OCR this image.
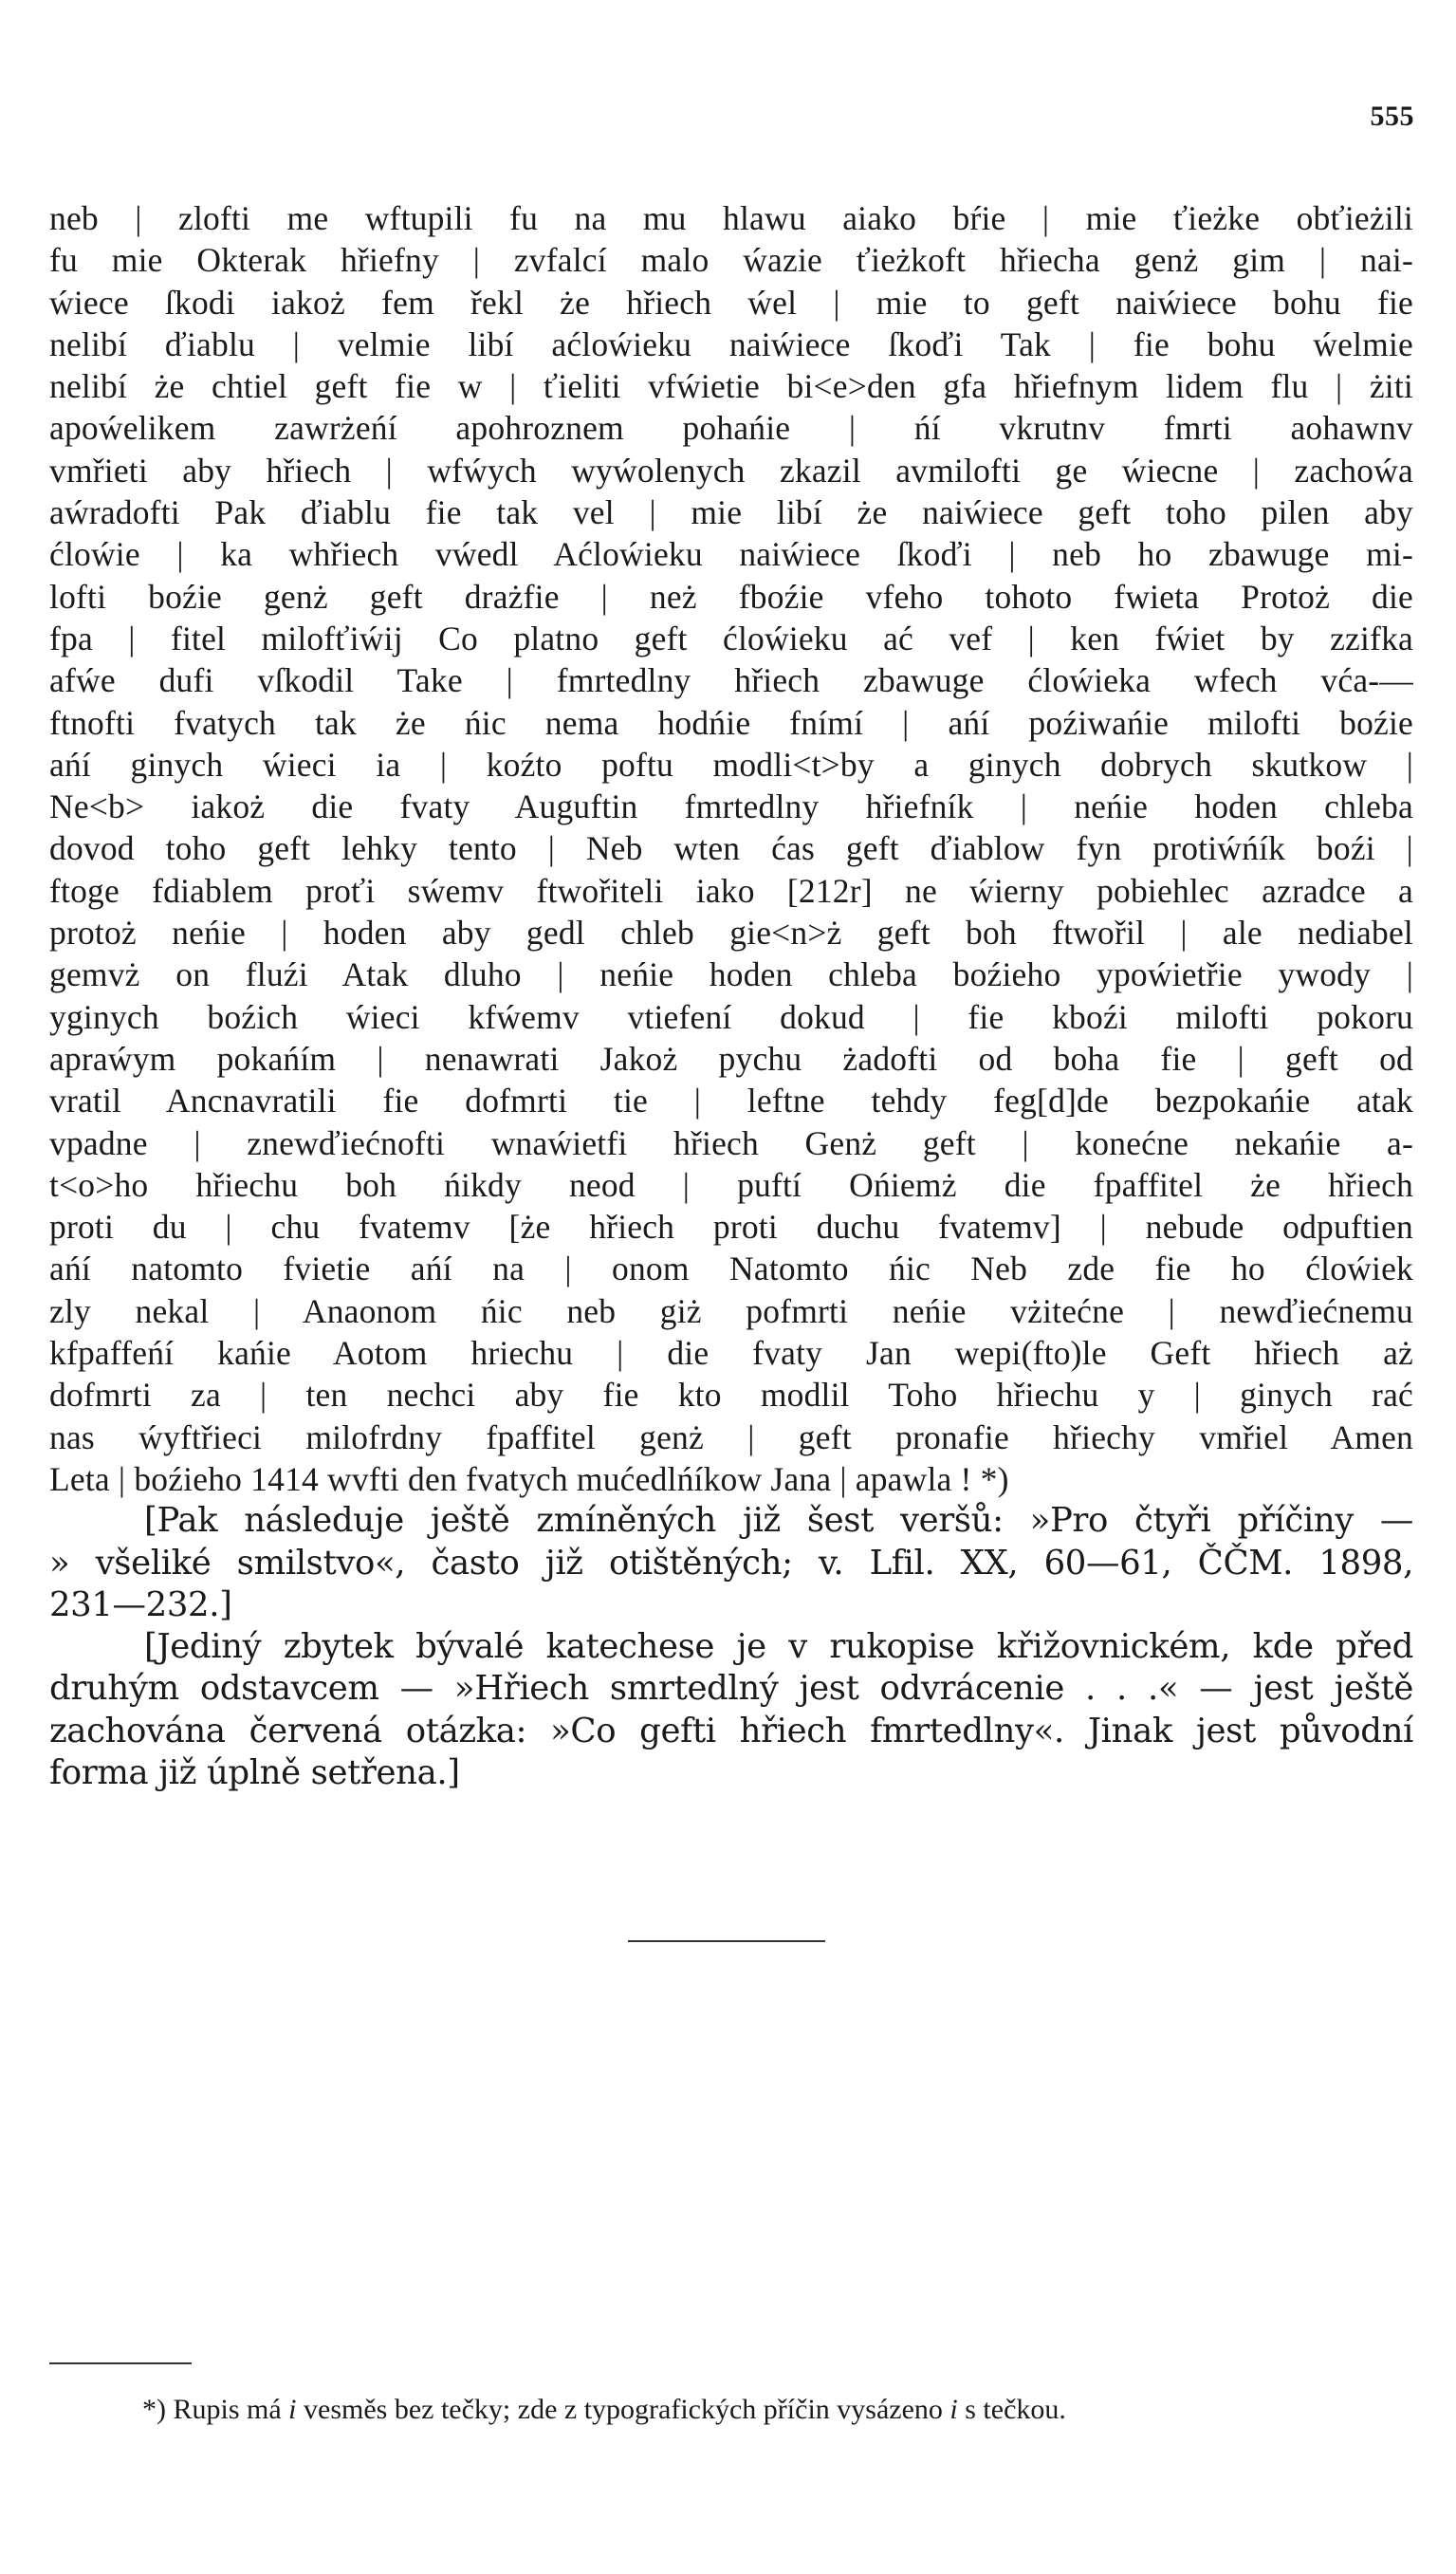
555
neb | zlofti me wftupili fu na mu hlawu aiako bŕie | mie ťieżke obťieżili
fu mie Okterak hřiefny | zvfalcí malo ẃazie ťieżkoft hřiecha genż gim | nai-
ẃiece ſkodi iakoż fem řekl że hřiech ẃel | mie to geft naiẃiece bohu fie
nelibí ďiablu | velmie libí aćloẃieku naiẃiece ſkoďi Tak | fie bohu ẃelmie
nelibí że chtiel geft fie w | ťieliti vfẃietie bi<e>den gfa hřiefnym lidem flu | żiti
apoẃelikem zawrżeńí apohroznem pohańie | ńí vkrutnv fmrti aohawnv
vmřieti aby hřiech | wfẃych wyẃolenych zkazil avmilofti ge ẃiecne | zachoẃa
aẃradofti Pak ďiablu fie tak vel | mie libí że naiẃiece geft toho pilen aby
ćloẃie | ka whřiech vẃedl Aćloẃieku naiẃiece ſkoďi | neb ho zbawuge mi-
lofti boźie genż geft drażfie | neż fboźie vfeho tohoto fwieta Protoż die
fpa | fitel milofťiẃij Co platno geft ćloẃieku ać vef | ken fẃiet by zzifka
afẃe dufi vſkodil Take | fmrtedlny hřiech zbawuge ćloẃieka wfech vća-—
ftnofti fvatych tak że ńic nema hodńie fnímí | ańí poźiwańie milofti boźie
ańí ginych ẃieci ia | koźto poftu modli<t>by a ginych dobrych skutkow |
Ne<b> iakoż die fvaty Auguftin fmrtedlny hřiefník | neńie hoden chleba
dovod toho geft lehky tento | Neb wten ćas geft ďiablow fyn protiẃńík boźi |
ftoge fdiablem proťi sẃemv ftwořiteli iako [212r] ne ẃierny pobiehlec azradce a
protoż neńie | hoden aby gedl chleb gie<n>ż geft boh ftwořil | ale nediabel
gemvż on fluźi Atak dluho | neńie hoden chleba boźieho ypoẃietřie ywody |
yginych boźich ẃieci kfẃemv vtiefení dokud | fie kboźi milofti pokoru
apraẃym pokańím | nenawrati Jakoż pychu żadofti od boha fie | geft od
vratil Ancnavratili fie dofmrti tie | leftne tehdy feg[d]de bezpokańie atak
vpadne | znewďiećnofti wnaẃietfi hřiech Genż geft | konećne nekańie a-
t<o>ho hřiechu boh ńikdy neod | puftí Ońiemż die fpaffitel że hřiech
proti du | chu fvatemv [że hřiech proti duchu fvatemv] | nebude odpuftien
ańí natomto fvietie ańí na | onom Natomto ńic Neb zde fie ho ćloẃiek
zly nekal | Anaonom ńic neb giż pofmrti neńie vżitećne | newďiećnemu
kfpaffeńí kańie Aotom hriechu | die fvaty Jan wepi(fto)le Geft hřiech aż
dofmrti za | ten nechci aby fie kto modlil Toho hřiechu y | ginych rać
nas ẃyftřieci milofrdny fpaffitel genż | geft pronafie hřiechy vmřiel Amen
Leta | boźieho 1414 wvfti den fvatych mućedlńíkow Jana | apawla ! *)
[Pak následuje ještě zmíněných již šest veršů: »Pro čtyři příčiny —
» všeliké smilstvo«, často již otištěných; v. Lfil. XX, 60—61, ČČM. 1898,
231—232.]
[Jediný zbytek bývalé katechese je v rukopise křižovnickém, kde před
druhým odstavcem — »Hřiech smrtedlný jest odvrácenie . . .« — jest ještě
zachována červená otázka: »Co gefti hřiech fmrtedlny«. Jinak jest původní
forma již úplně setřena.]
*) Rupis má i vesměs bez tečky; zde z typografických příčin vysázeno i s tečkou.
